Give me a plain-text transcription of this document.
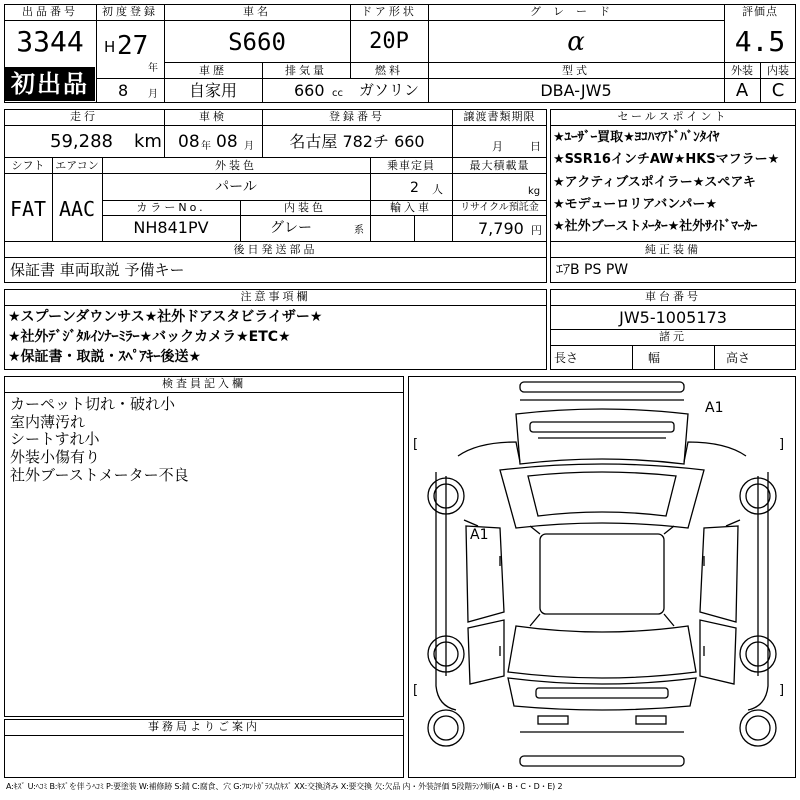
出品番号
3344
初出品
初度登録
H 27
年
8 月
車名
S660
車歴
自家用
排気量
660 cc
ドア形状
20P
燃料
ガソリン
グレード
α
型式
DBA-JW5
評価点
4.5
外装	内装
A	C
走行
59,288 km
車検
08 年 08 月
登録番号
名古屋 782チ 660
譲渡書類期限
月 日
シフト エアコン
FAT AAC
外装色
パール
乗車定員
2 人
最大積載量
kg
カラーNo.
NH841PV
内装色
グレー	系
輸入車	リサイクル預託金
7,790 円
後日発送部品
保証書 車両取説 予備キー
セールスポイント
★ﾕｰｻﾞｰ買取★ﾖｺﾊﾏｱﾄﾞﾊﾞﾝﾀｲﾔ
★SSR16インチAW★HKSマフラー★
★アクティブスポイラー★スペアキ
★モデューロリアバンパー★
★社外ブーストﾒｰﾀｰ★社外ｻｲﾄﾞﾏｰｶｰ
純正装備
ｴｱB PS PW
注意事項欄
★スプーンダウンサス★社外ドアスタビライザー★
★社外ﾃﾞｼﾞﾀﾙｲﾝﾅｰﾐﾗｰ★バックカメラ★ETC★
★保証書・取説・ｽﾍﾟｱｷｰ後送★
車台番号
JW5-1005173
諸元
長さ	幅	高さ
検査員記入欄
カーペット切れ・破れ小
室内薄汚れ
シートすれ小
外装小傷有り
社外ブーストメーター不良
事務局よりご案内
A1
A1
[	]
[	]
A:ｷｽﾞ U:ﾍｺﾐ B:ｷｽﾞを伴うﾍｺﾐ P:要塗装 W:補修跡 S:錆 C:腐食、穴 G:ﾌﾛﾝﾄｶﾞﾗｽ点ｷｽﾞ XX:交換済み X:要交換 欠:欠品 内・外装評価 5段階ﾗﾝｸ順(A・B・C・D・E) 2
